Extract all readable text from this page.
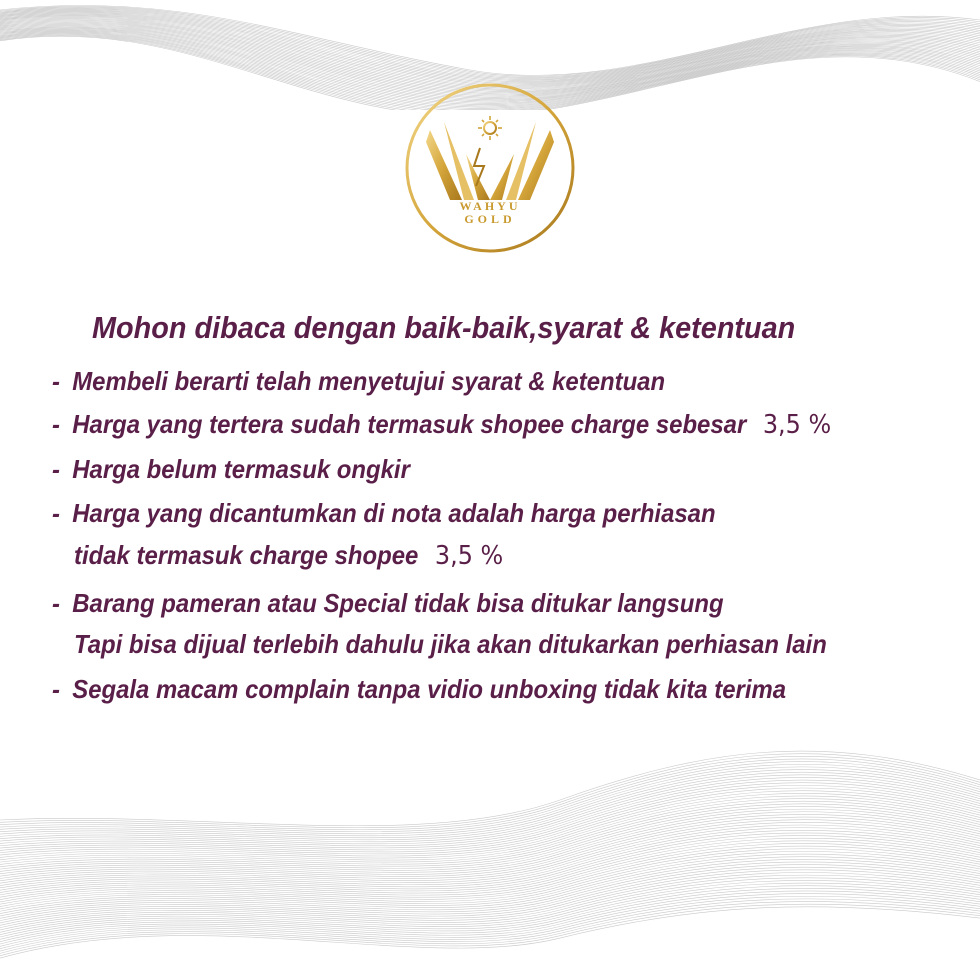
WAHYU
GOLD
Mohon dibaca dengan baik-baik,syarat & ketentuan
- Membeli berarti telah menyetujui syarat & ketentuan
- Harga yang tertera sudah termasuk shopee charge sebesar 3,5 %
- Harga belum termasuk ongkir
- Harga yang dicantumkan di nota adalah harga perhiasan
tidak termasuk charge shopee 3,5 %
- Barang pameran atau Special tidak bisa ditukar langsung
Tapi bisa dijual terlebih dahulu jika akan ditukarkan perhiasan lain
- Segala macam complain tanpa vidio unboxing tidak kita terima
